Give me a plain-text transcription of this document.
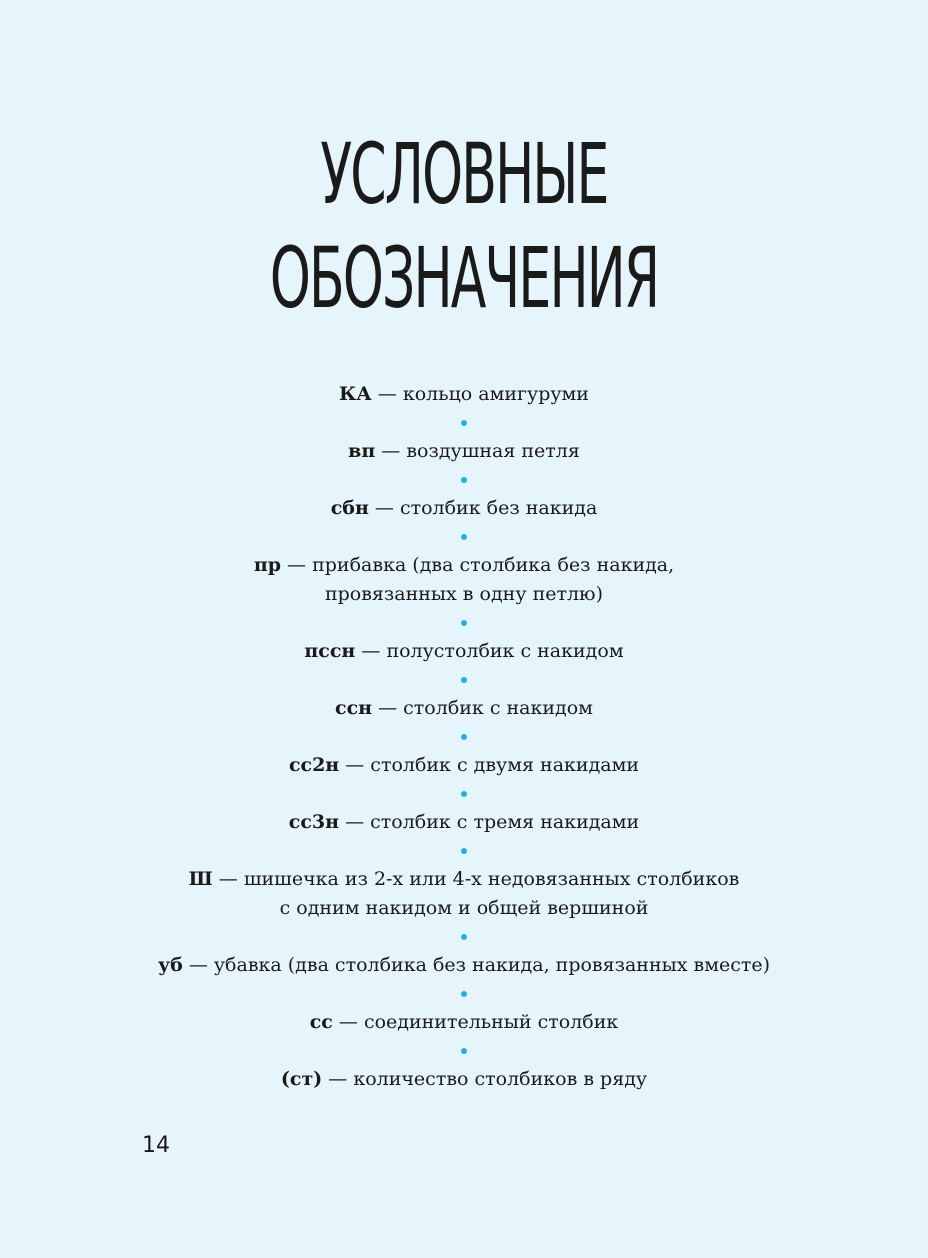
УСЛОВНЫЕ
ОБОЗНАЧЕНИЯ
КА — кольцо амигуруми
вп — воздушная петля
сбн — столбик без накида
пр — прибавка (два столбика без накида,
провязанных в одну петлю)
пссн — полустолбик с накидом
ссн — столбик с накидом
сс2н — столбик с двумя накидами
сс3н — столбик с тремя накидами
Ш — шишечка из 2-х или 4-х недовязанных столбиков
с одним накидом и общей вершиной
уб — убавка (два столбика без накида, провязанных вместе)
сс — соединительный столбик
(ст) — количество столбиков в ряду
14
